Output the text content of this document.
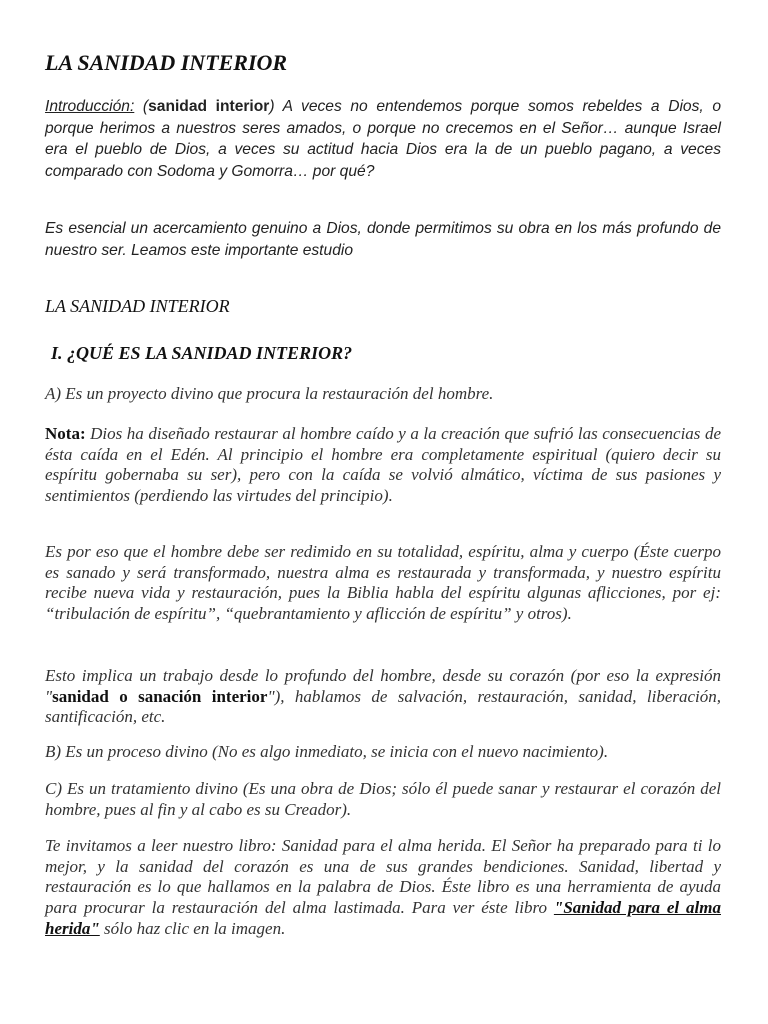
LA SANIDAD INTERIOR
Introducción: (sanidad interior) A veces no entendemos porque somos rebeldes a Dios, o porque herimos a nuestros seres amados, o porque no crecemos en el Señor… aunque Israel era el pueblo de Dios, a veces su actitud hacia Dios era la de un pueblo pagano, a veces comparado con Sodoma y Gomorra… por qué?
Es esencial un acercamiento genuino a Dios, donde permitimos su obra en los más profundo de nuestro ser. Leamos este importante estudio
LA SANIDAD INTERIOR
I. ¿QUÉ ES LA SANIDAD INTERIOR?
A) Es un proyecto divino que procura la restauración del hombre.
Nota: Dios ha diseñado restaurar al hombre caído y a la creación que sufrió las consecuencias de ésta caída en el Edén. Al principio el hombre era completamente espiritual (quiero decir su espíritu gobernaba su ser), pero con la caída se volvió almático, víctima de sus pasiones y sentimientos (perdiendo las virtudes del principio).
Es por eso que el hombre debe ser redimido en su totalidad, espíritu, alma y cuerpo (Éste cuerpo es sanado y será transformado, nuestra alma es restaurada y transformada, y nuestro espíritu recibe nueva vida y restauración, pues la Biblia habla del espíritu algunas aflicciones, por ej: “tribulación de espíritu”, “quebrantamiento y aflicción de espíritu” y otros).
Esto implica un trabajo desde lo profundo del hombre, desde su corazón (por eso la expresión "sanidad o sanación interior"), hablamos de salvación, restauración, sanidad, liberación, santificación, etc.
B) Es un proceso divino (No es algo inmediato, se inicia con el nuevo nacimiento).
C) Es un tratamiento divino (Es una obra de Dios; sólo él puede sanar y restaurar el corazón del hombre, pues al fin y al cabo es su Creador).
Te invitamos a leer nuestro libro: Sanidad para el alma herida. El Señor ha preparado para ti lo mejor, y la sanidad del corazón es una de sus grandes bendiciones. Sanidad, libertad y restauración es lo que hallamos en la palabra de Dios. Éste libro es una herramienta de ayuda para procurar la restauración del alma lastimada. Para ver éste libro "Sanidad para el alma herida" sólo haz clic en la imagen.
